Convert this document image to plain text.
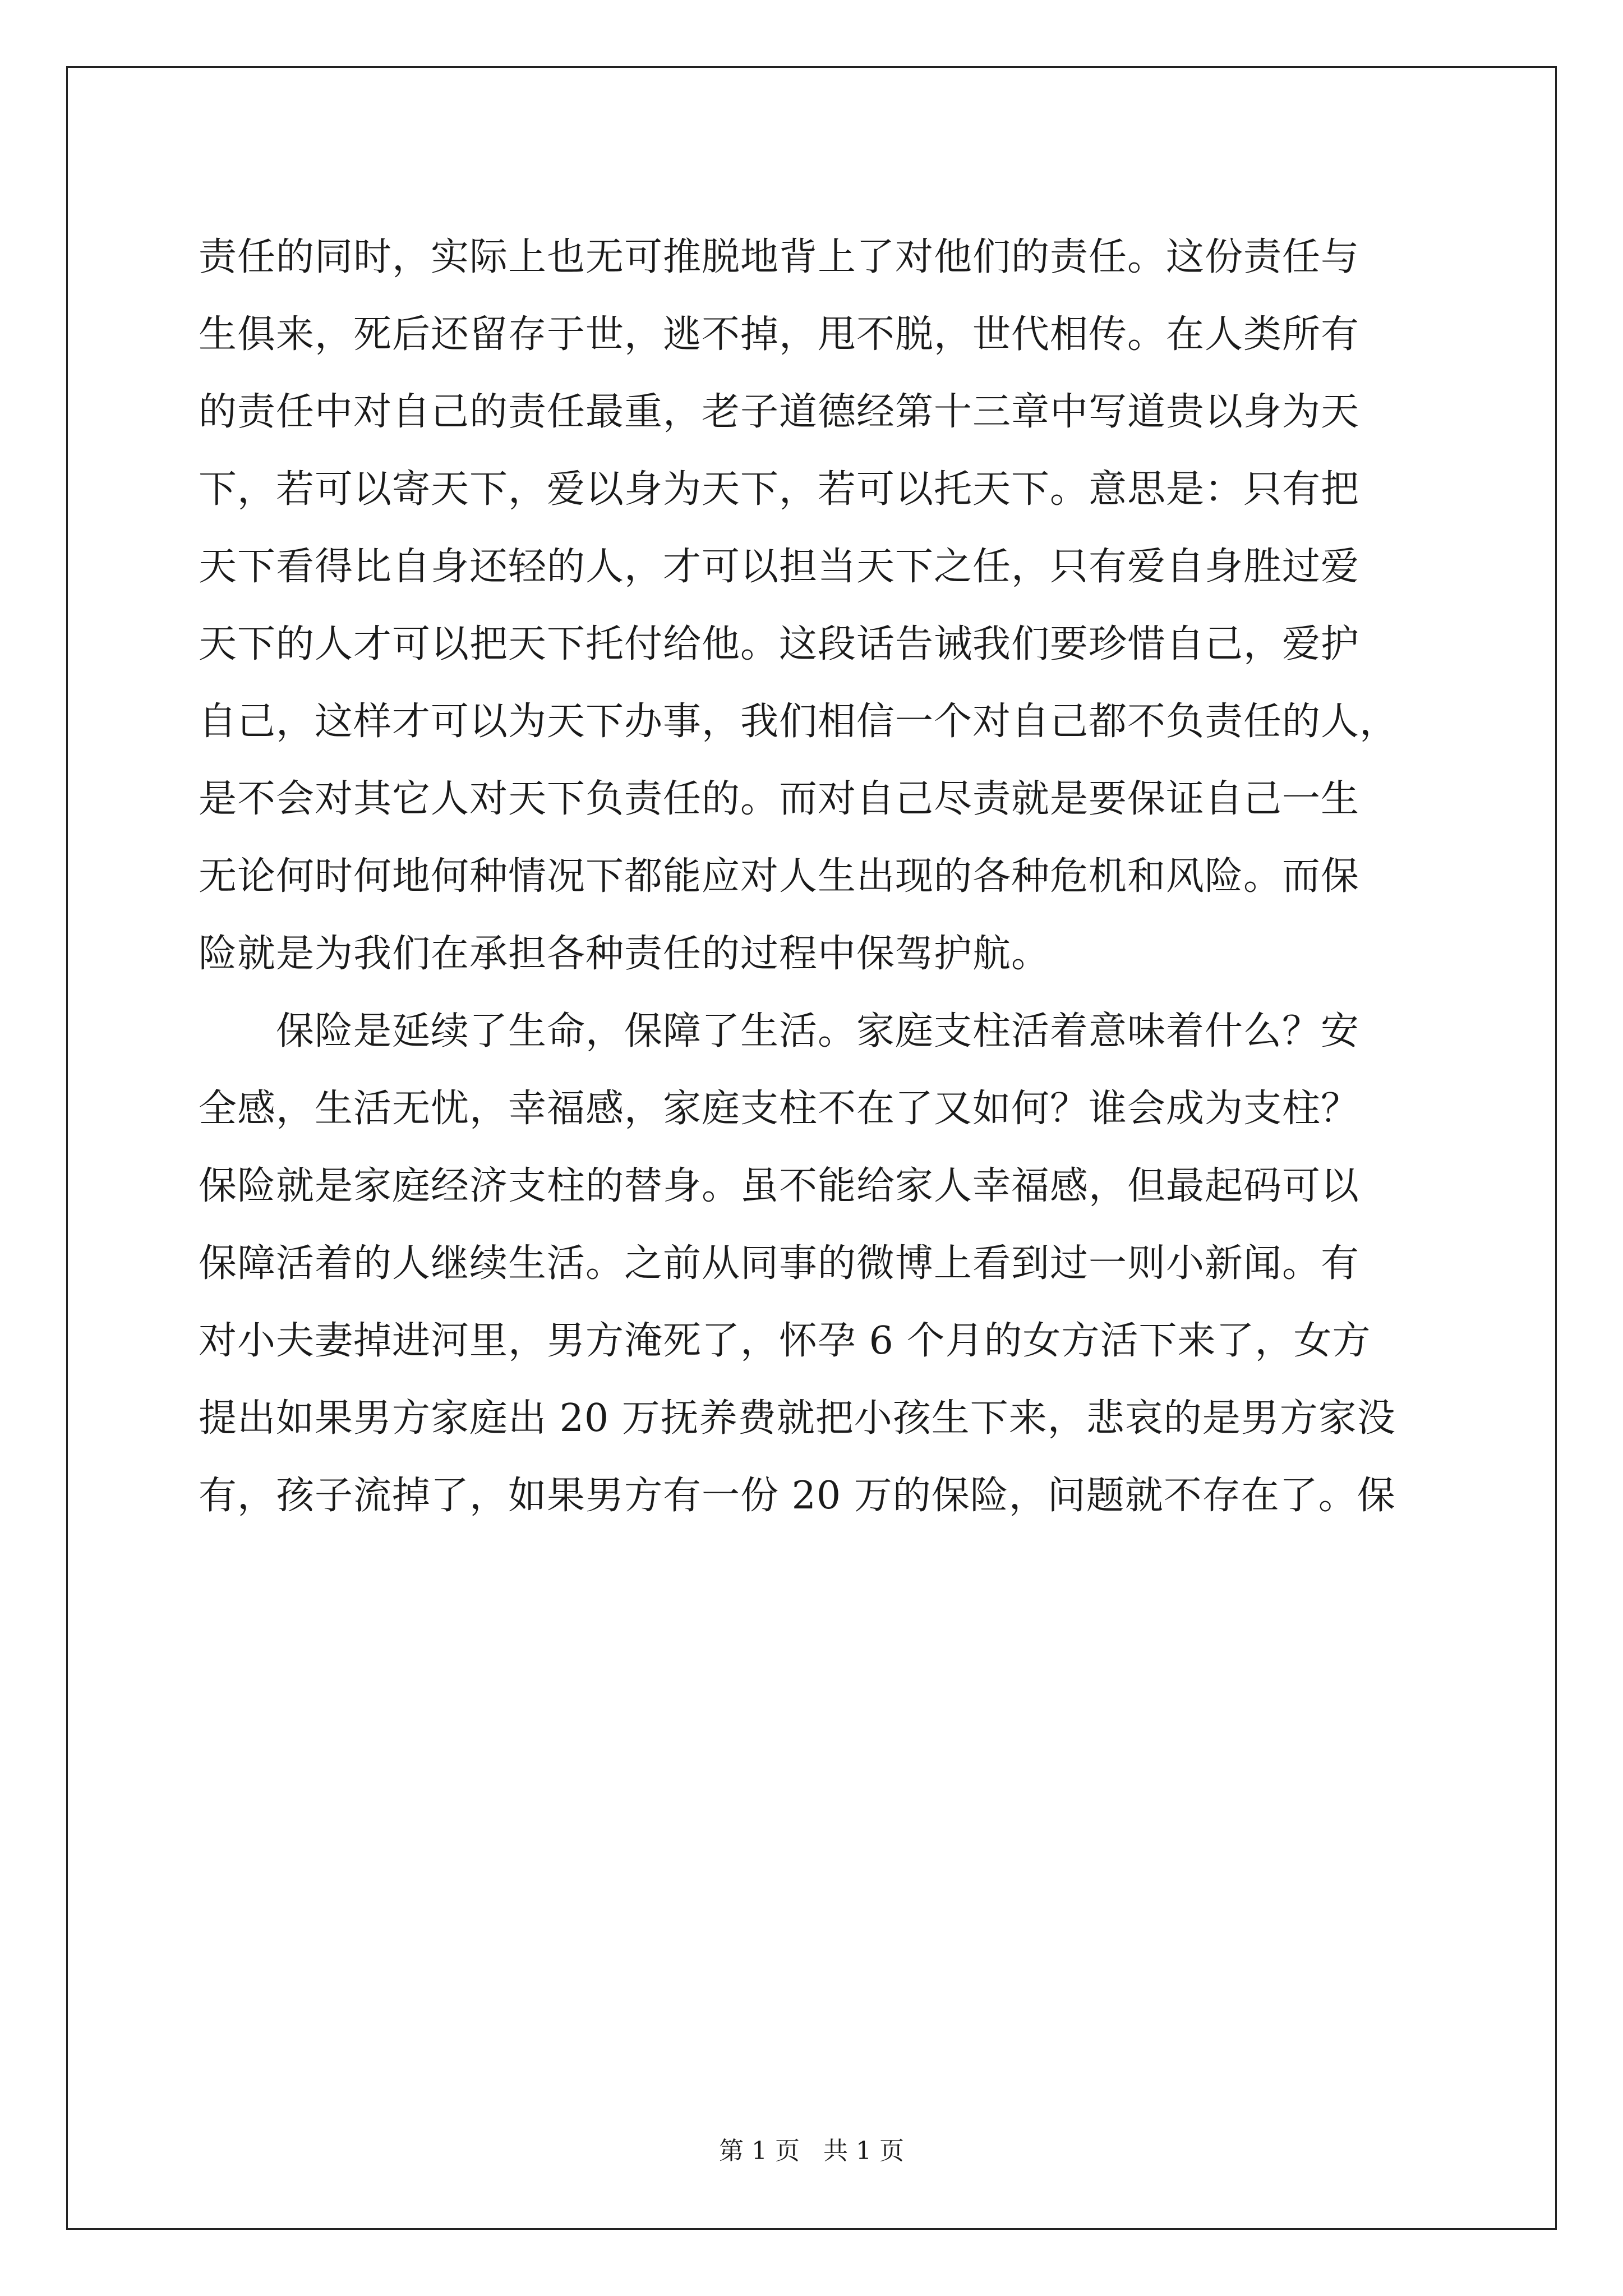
责任的同时，实际上也无可推脱地背上了对他们的责任。这份责任与
生俱来，死后还留存于世，逃不掉，甩不脱，世代相传。在人类所有
的责任中对自己的责任最重，老子道德经第十三章中写道贵以身为天
下，若可以寄天下，爱以身为天下，若可以托天下。意思是：只有把
天下看得比自身还轻的人，才可以担当天下之任，只有爱自身胜过爱
天下的人才可以把天下托付给他。这段话告诫我们要珍惜自己，爱护
自己，这样才可以为天下办事，我们相信一个对自己都不负责任的人，
是不会对其它人对天下负责任的。而对自己尽责就是要保证自己一生
无论何时何地何种情况下都能应对人生出现的各种危机和风险。而保
险就是为我们在承担各种责任的过程中保驾护航。
　　保险是延续了生命，保障了生活。家庭支柱活着意味着什么？安
全感，生活无忧，幸福感，家庭支柱不在了又如何？谁会成为支柱？
保险就是家庭经济支柱的替身。虽不能给家人幸福感，但最起码可以
保障活着的人继续生活。之前从同事的微博上看到过一则小新闻。有
对小夫妻掉进河里，男方淹死了，怀孕 6 个月的女方活下来了，女方
提出如果男方家庭出 20 万抚养费就把小孩生下来，悲哀的是男方家没
有，孩子流掉了，如果男方有一份 20 万的保险，问题就不存在了。保
第 1 页 共 1 页
